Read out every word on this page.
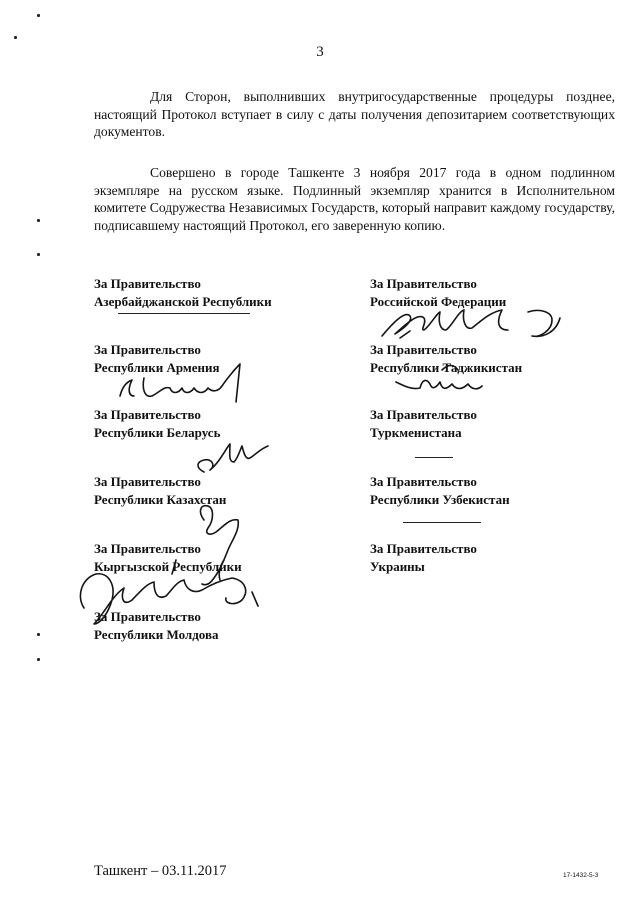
3

Для Сторон, выполнивших внутригосударственные процедуры позднее, настоящий Протокол вступает в силу с даты получения депозитарием соответствующих документов.

Совершено в городе Ташкенте 3 ноября 2017 года в одном подлинном экземпляре на русском языке. Подлинный экземпляр хранится в Исполнительном комитете Содружества Независимых Государств, который направит каждому государству, подписавшему настоящий Протокол, его заверенную копию.

За Правительство
Азербайджанской Республики
За Правительство
Республики Армения
За Правительство
Республики Беларусь
За Правительство
Республики Казахстан
За Правительство
Кыргызской Республики
За Правительство
Республики Молдова
За Правительство
Российской Федерации
За Правительство
Республики Таджикистан
За Правительство
Туркменистана
За Правительство
Республики Узбекистан
За Правительство
Украины
Ташкент – 03.11.2017	17-1432-5-3
